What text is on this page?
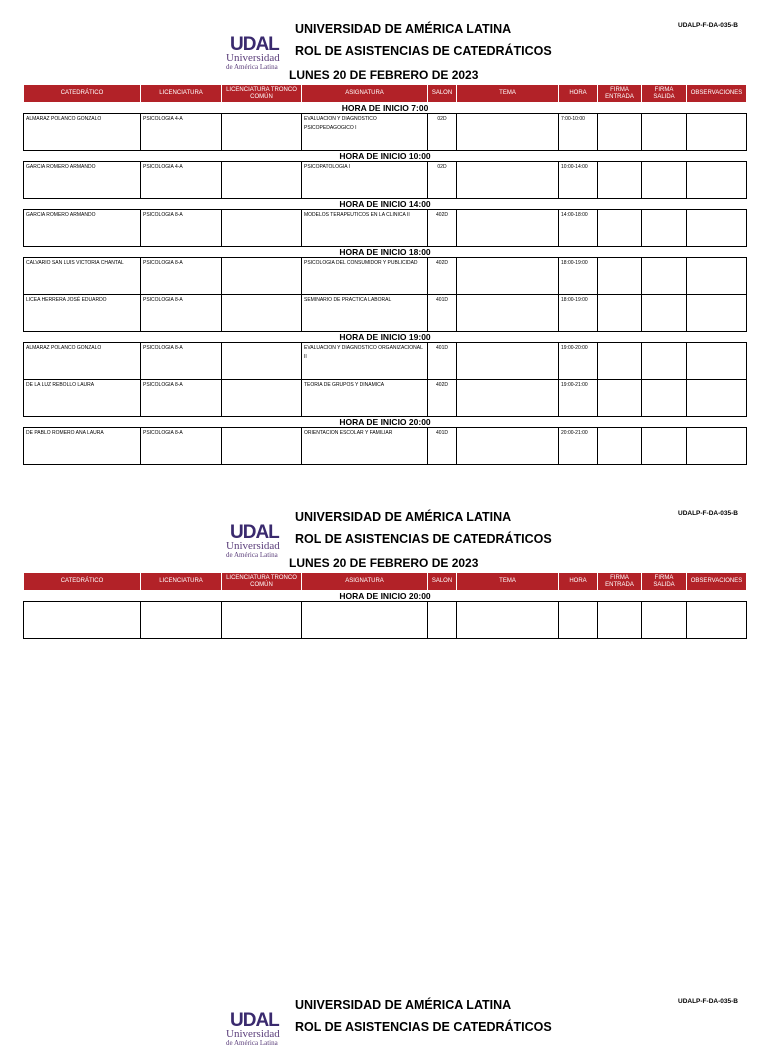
UDAL
Universidad
de América Latina
UNIVERSIDAD DE AMÉRICA LATINA
ROL DE ASISTENCIAS DE CATEDRÁTICOS
LUNES 20 DE FEBRERO DE 2023
UDALP-F-DA-035-B
CATEDRÁTICO	LICENCIATURA	LICENCIATURA TRONCO COMÚN	ASIGNATURA	SALON	TEMA	HORA	FIRMA ENTRADA	FIRMA SALIDA	OBSERVACIONES
HORA DE INICIO 7:00									
ALMARAZ POLANCO GONZALO	PSICOLOGIA 4-A		EVALUACION Y DIAGNOSTICO PSICOPEDAGOGICO I	02D		7:00-10:00			
HORA DE INICIO 10:00									
GARCIA ROMERO ARMANDO	PSICOLOGIA 4-A		PSICOPATOLOGIA I	02D		10:00-14:00			
HORA DE INICIO 14:00									
GARCIA ROMERO ARMANDO	PSICOLOGIA 8-A		MODELOS TERAPEUTICOS EN LA CLINICA II	402D		14:00-18:00			
HORA DE INICIO 18:00									
CALVARIO SAN LUIS VICTORIA CHANTAL	PSICOLOGIA 8-A		PSICOLOGIA DEL CONSUMIDOR Y PUBLICIDAD	402D		18:00-19:00			
LICEA HERRERA JOSÉ EDUARDO	PSICOLOGIA 8-A		SEMINARIO DE PRACTICA LABORAL	401D		18:00-19:00			
HORA DE INICIO 19:00									
ALMARAZ POLANCO GONZALO	PSICOLOGIA 8-A		EVALUACION Y DIAGNOSTICO ORGANIZACIONAL II	401D		19:00-20:00			
DE LA LUZ REBOLLO LAURA	PSICOLOGIA 8-A		TEORIA DE GRUPOS Y DINAMICA	402D		19:00-21:00			
HORA DE INICIO 20:00									
DE PABLO ROMERO ANA LAURA	PSICOLOGIA 8-A		ORIENTACION ESCOLAR Y FAMILIAR	401D		20:00-21:00			
UDAL
Universidad
de América Latina
UNIVERSIDAD DE AMÉRICA LATINA
ROL DE ASISTENCIAS DE CATEDRÁTICOS
LUNES 20 DE FEBRERO DE 2023
UDALP-F-DA-035-B
CATEDRÁTICO	LICENCIATURA	LICENCIATURA TRONCO COMÚN	ASIGNATURA	SALON	TEMA	HORA	FIRMA ENTRADA	FIRMA SALIDA	OBSERVACIONES
HORA DE INICIO 20:00									

UDAL
Universidad
de América Latina
UNIVERSIDAD DE AMÉRICA LATINA
ROL DE ASISTENCIAS DE CATEDRÁTICOS
UDALP-F-DA-035-B
